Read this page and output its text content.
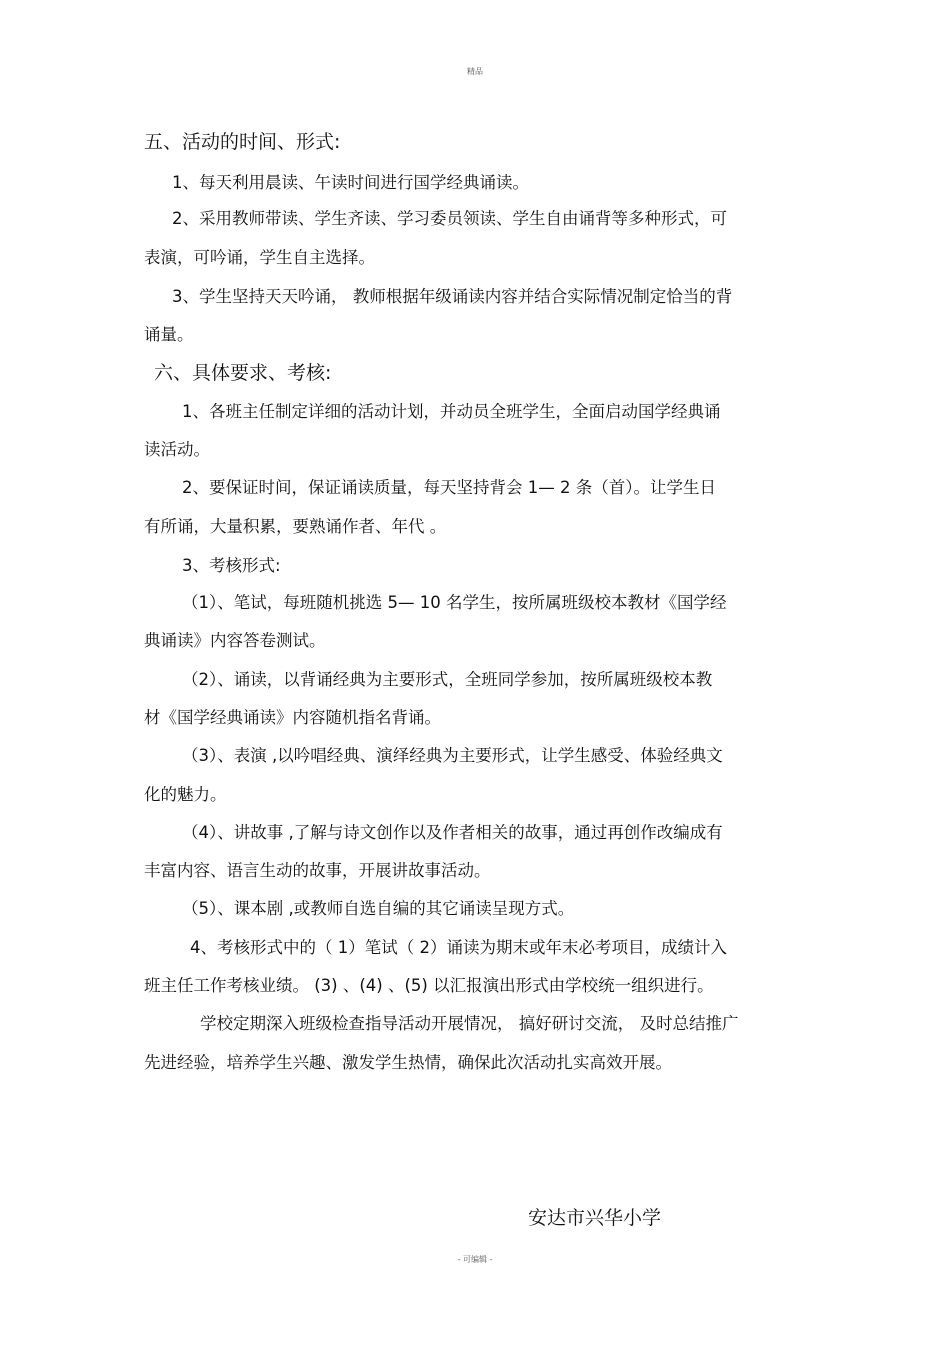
精品

五、活动的时间、形式:

1、每天利用晨读、午读时间进行国学经典诵读。

2、采用教师带读、学生齐读、学习委员领读、学生自由诵背等多种形式，可

表演，可吟诵，学生自主选择。

3、学生坚持天天吟诵， 教师根据年级诵读内容并结合实际情况制定恰当的背

诵量。

六、具体要求、考核:

1、各班主任制定详细的活动计划，并动员全班学生，全面启动国学经典诵

读活动。

2、要保证时间，保证诵读质量，每天坚持背会 1— 2 条（首）。让学生日

有所诵，大量积累，要熟诵作者、年代 。

3、考核形式:

（1）、笔试，每班随机挑选 5— 10 名学生，按所属班级校本教材《国学经

典诵读》内容答卷测试。

（2）、诵读，以背诵经典为主要形式，全班同学参加，按所属班级校本教

材《国学经典诵读》内容随机指名背诵。

（3）、表演 ,以吟唱经典、演绎经典为主要形式，让学生感受、体验经典文

化的魅力。

（4）、讲故事 ,了解与诗文创作以及作者相关的故事，通过再创作改编成有

丰富内容、语言生动的故事，开展讲故事活动。

（5）、课本剧 ,或教师自选自编的其它诵读呈现方式。

4、考核形式中的（ 1）笔试（ 2）诵读为期末或年末必考项目，成绩计入

班主任工作考核业绩。 (3) 、(4) 、(5) 以汇报演出形式由学校统一组织进行。

学校定期深入班级检查指导活动开展情况， 搞好研讨交流， 及时总结推广

先进经验，培养学生兴趣、激发学生热情，确保此次活动扎实高效开展。

安达市兴华小学

- 可编辑 -
